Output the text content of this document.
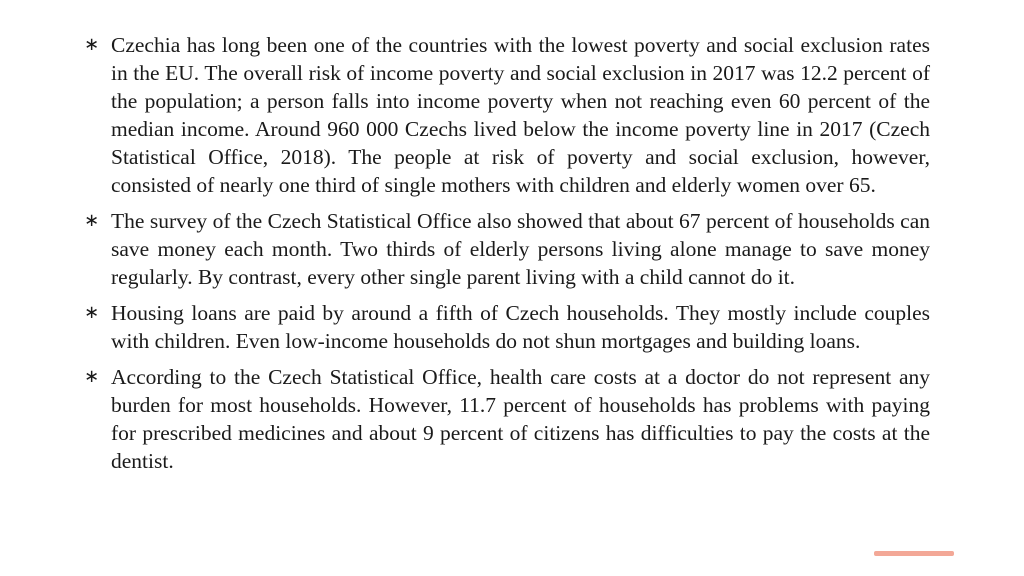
∗ Czechia has long been one of the countries with the lowest poverty and social exclusion rates in the EU. The overall risk of income poverty and social exclusion in 2017 was 12.2 percent of the population; a person falls into income poverty when not reaching even 60 percent of the median income. Around 960 000 Czechs lived below the income poverty line in 2017 (Czech Statistical Office, 2018). The people at risk of poverty and social exclusion, however, consisted of nearly one third of single mothers with children and elderly women over 65.
∗ The survey of the Czech Statistical Office also showed that about 67 percent of households can save money each month. Two thirds of elderly persons living alone manage to save money regularly. By contrast, every other single parent living with a child cannot do it.
∗ Housing loans are paid by around a fifth of Czech households. They mostly include couples with children. Even low-income households do not shun mortgages and building loans.
∗ According to the Czech Statistical Office, health care costs at a doctor do not represent any burden for most households. However, 11.7 percent of households has problems with paying for prescribed medicines and about 9 percent of citizens has difficulties to pay the costs at the dentist.
